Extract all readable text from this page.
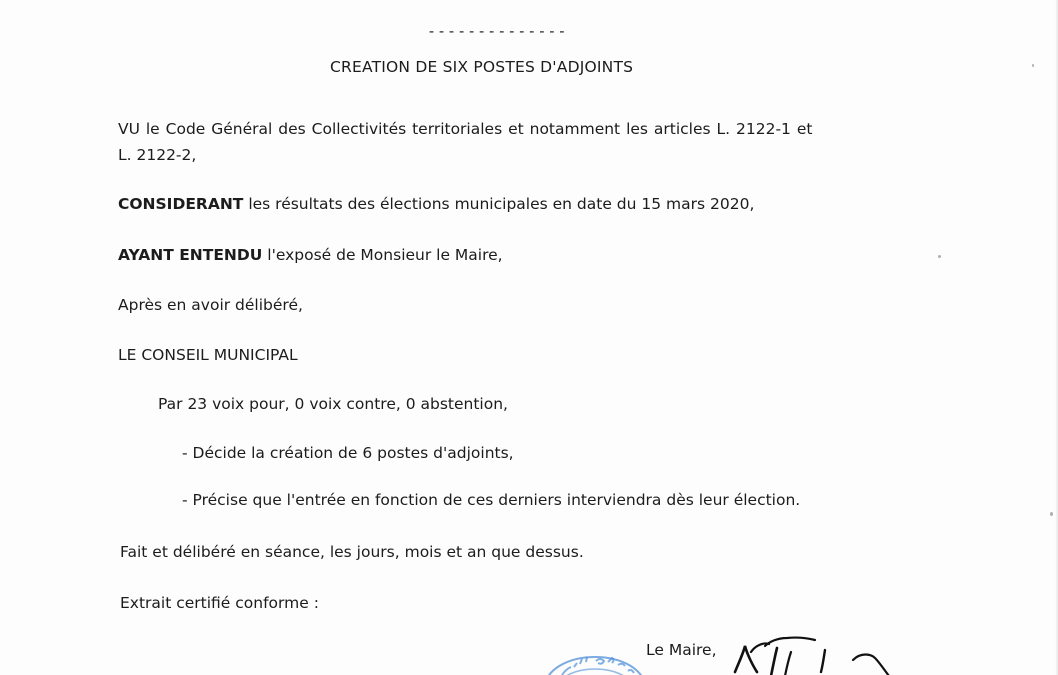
--------------
CREATION DE SIX POSTES D'ADJOINTS
VU le Code Général des Collectivités territoriales et notamment les articles L. 2122-1 et
L. 2122-2,
CONSIDERANT les résultats des élections municipales en date du 15 mars 2020,
AYANT ENTENDU l'exposé de Monsieur le Maire,
Après en avoir délibéré,
LE CONSEIL MUNICIPAL
Par 23 voix pour, 0 voix contre, 0 abstention,
- Décide la création de 6 postes d'adjoints,
- Précise que l'entrée en fonction de ces derniers interviendra dès leur élection.
Fait et délibéré en séance, les jours, mois et an que dessus.
Extrait certifié conforme :
Le Maire,
